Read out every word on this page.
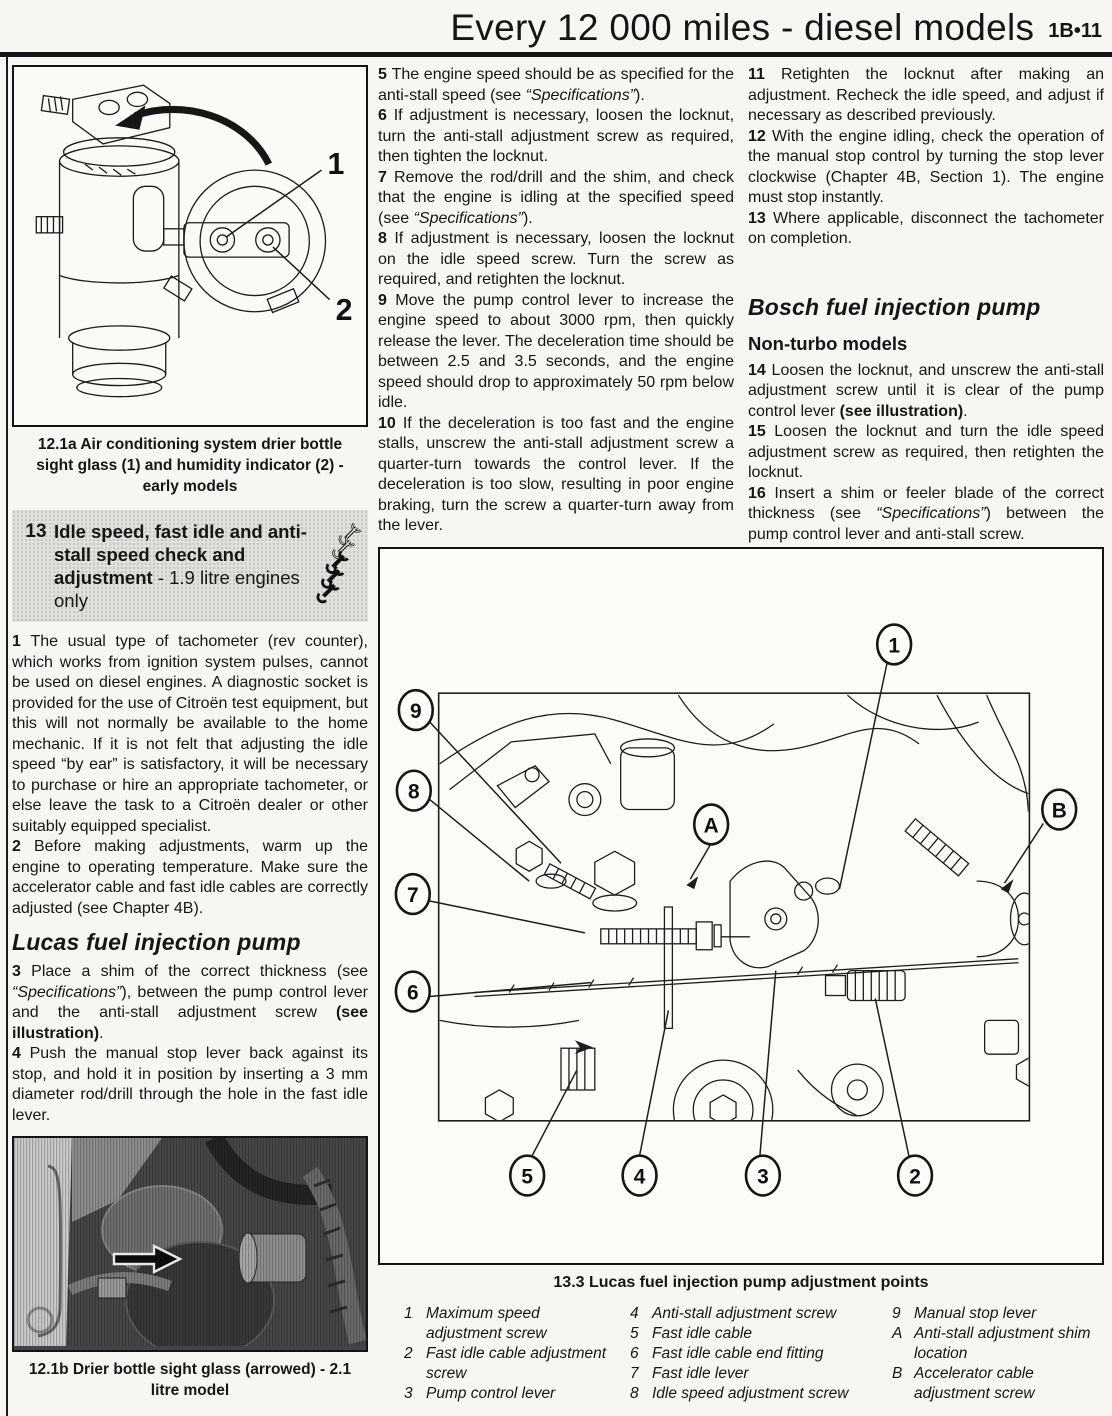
Every 12 000 miles - diesel models 1B•11
1
2
12.1a Air conditioning system drier bottle sight glass (1) and humidity indicator (2) - early models
13 Idle speed, fast idle and anti-stall speed check and adjustment - 1.9 litre engines only

1 The usual type of tachometer (rev counter), which works from ignition system pulses, cannot be used on diesel engines. A diagnostic socket is provided for the use of Citroën test equipment, but this will not normally be available to the home mechanic. If it is not felt that adjusting the idle speed “by ear” is satisfactory, it will be necessary to purchase or hire an appropriate tachometer, or else leave the task to a Citroën dealer or other suitably equipped specialist.

2 Before making adjustments, warm up the engine to operating temperature. Make sure the accelerator cable and fast idle cables are correctly adjusted (see Chapter 4B).

Lucas fuel injection pump

3 Place a shim of the correct thickness (see “Specifications”), between the pump control lever and the anti-stall adjustment screw (see illustration).

4 Push the manual stop lever back against its stop, and hold it in position by inserting a 3 mm diameter rod/drill through the hole in the fast idle lever.

12.1b Drier bottle sight glass (arrowed) - 2.1 litre model

5 The engine speed should be as specified for the anti-stall speed (see “Specifications”).

6 If adjustment is necessary, loosen the locknut, turn the anti-stall adjustment screw as required, then tighten the locknut.

7 Remove the rod/drill and the shim, and check that the engine is idling at the specified speed (see “Specifications”).

8 If adjustment is necessary, loosen the locknut on the idle speed screw. Turn the screw as required, and retighten the locknut.

9 Move the pump control lever to increase the engine speed to about 3000 rpm, then quickly release the lever. The deceleration time should be between 2.5 and 3.5 seconds, and the engine speed should drop to approximately 50 rpm below idle.

10 If the deceleration is too fast and the engine stalls, unscrew the anti-stall adjustment screw a quarter-turn towards the control lever. If the deceleration is too slow, resulting in poor engine braking, turn the screw a quarter-turn away from the lever.

11 Retighten the locknut after making an adjustment. Recheck the idle speed, and adjust if necessary as described previously.

12 With the engine idling, check the operation of the manual stop control by turning the stop lever clockwise (Chapter 4B, Section 1). The engine must stop instantly.

13 Where applicable, disconnect the tachometer on completion.

Bosch fuel injection pump
Non-turbo models

14 Loosen the locknut, and unscrew the anti-stall adjustment screw until it is clear of the pump control lever (see illustration).

15 Loosen the locknut and turn the idle speed adjustment screw as required, then retighten the locknut.

16 Insert a shim or feeler blade of the correct thickness (see “Specifications”) between the pump control lever and anti-stall screw.

1
9
8
7
6
A
B
5	4	3	2
13.3 Lucas fuel injection pump adjustment points
1 Maximum speed adjustment screw
2 Fast idle cable adjustment screw
3 Pump control lever
4 Anti-stall adjustment screw
5 Fast idle cable
6 Fast idle cable end fitting
7 Fast idle lever
8 Idle speed adjustment screw
9 Manual stop lever
A Anti-stall adjustment shim location
B Accelerator cable adjustment screw
